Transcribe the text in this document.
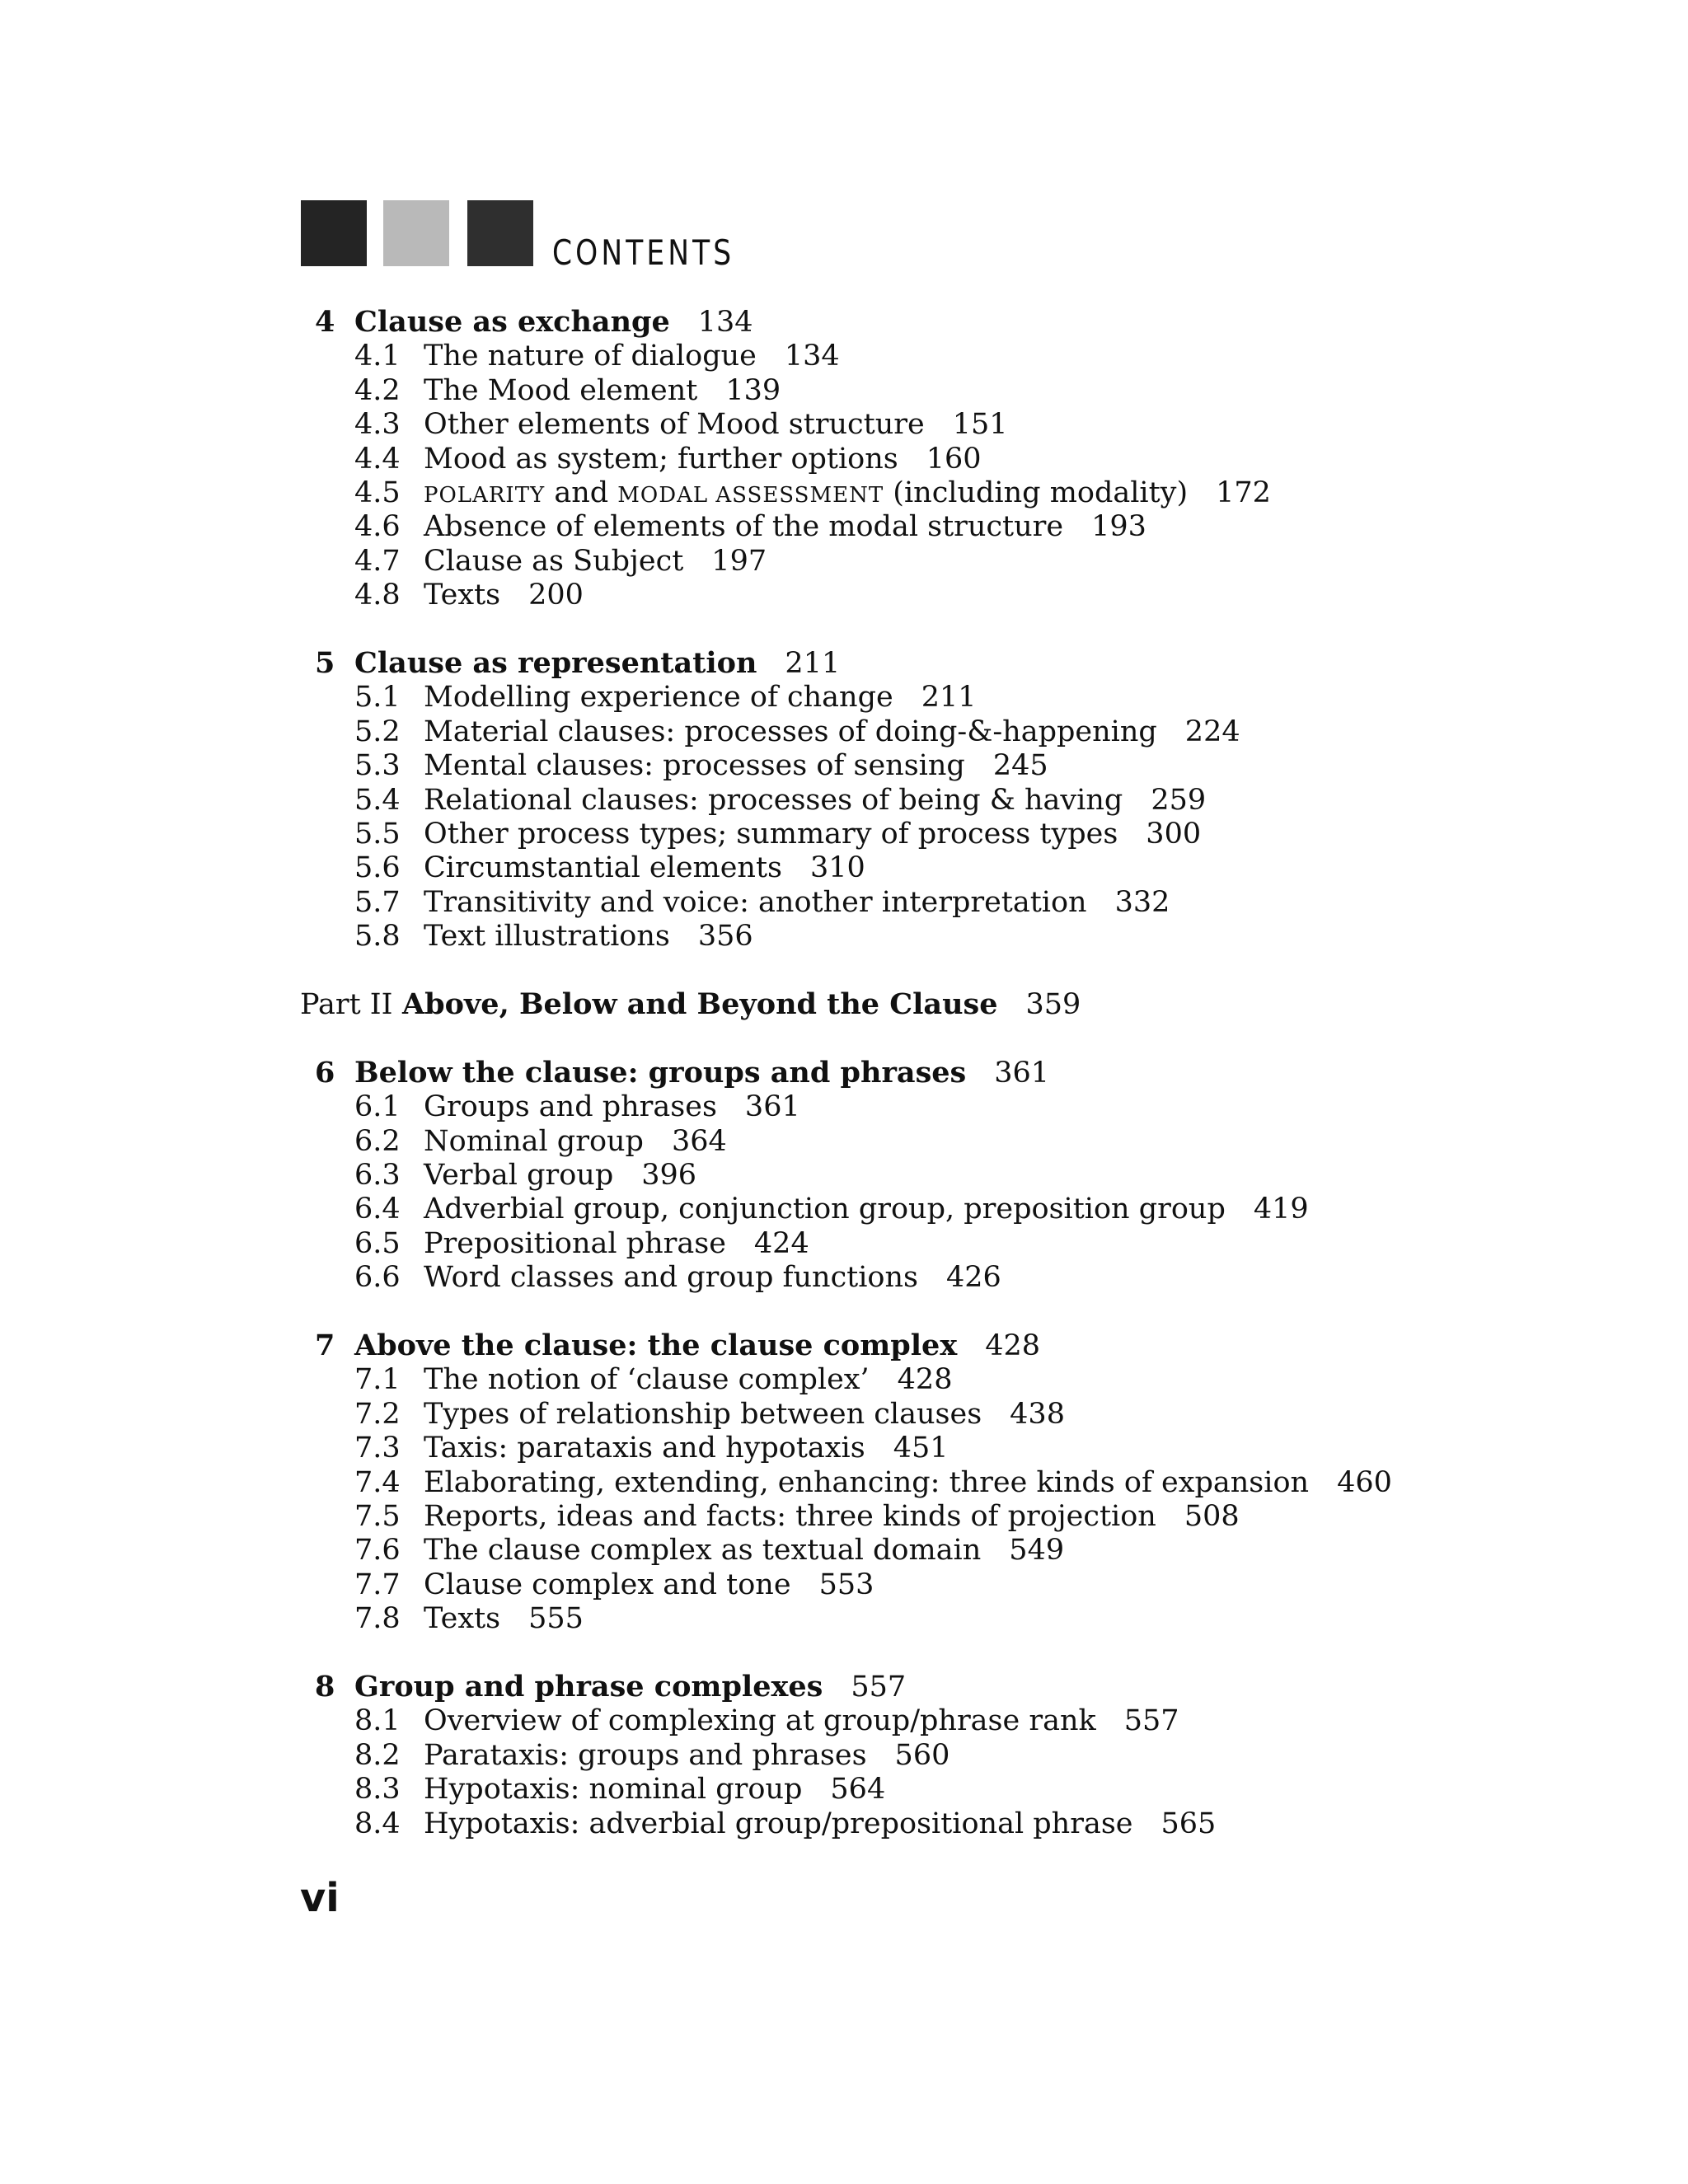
CONTENTS
4 Clause as exchange 134
4.1 The nature of dialogue 134
4.2 The Mood element 139
4.3 Other elements of Mood structure 151
4.4 Mood as system; further options 160
4.5 POLARITY and MODAL ASSESSMENT (including modality) 172
4.6 Absence of elements of the modal structure 193
4.7 Clause as Subject 197
4.8 Texts 200
5 Clause as representation 211
5.1 Modelling experience of change 211
5.2 Material clauses: processes of doing-&-happening 224
5.3 Mental clauses: processes of sensing 245
5.4 Relational clauses: processes of being & having 259
5.5 Other process types; summary of process types 300
5.6 Circumstantial elements 310
5.7 Transitivity and voice: another interpretation 332
5.8 Text illustrations 356
Part II Above, Below and Beyond the Clause 359
6 Below the clause: groups and phrases 361
6.1 Groups and phrases 361
6.2 Nominal group 364
6.3 Verbal group 396
6.4 Adverbial group, conjunction group, preposition group 419
6.5 Prepositional phrase 424
6.6 Word classes and group functions 426
7 Above the clause: the clause complex 428
7.1 The notion of ‘clause complex’ 428
7.2 Types of relationship between clauses 438
7.3 Taxis: parataxis and hypotaxis 451
7.4 Elaborating, extending, enhancing: three kinds of expansion 460
7.5 Reports, ideas and facts: three kinds of projection 508
7.6 The clause complex as textual domain 549
7.7 Clause complex and tone 553
7.8 Texts 555
8 Group and phrase complexes 557
8.1 Overview of complexing at group/phrase rank 557
8.2 Parataxis: groups and phrases 560
8.3 Hypotaxis: nominal group 564
8.4 Hypotaxis: adverbial group/prepositional phrase 565
vi
